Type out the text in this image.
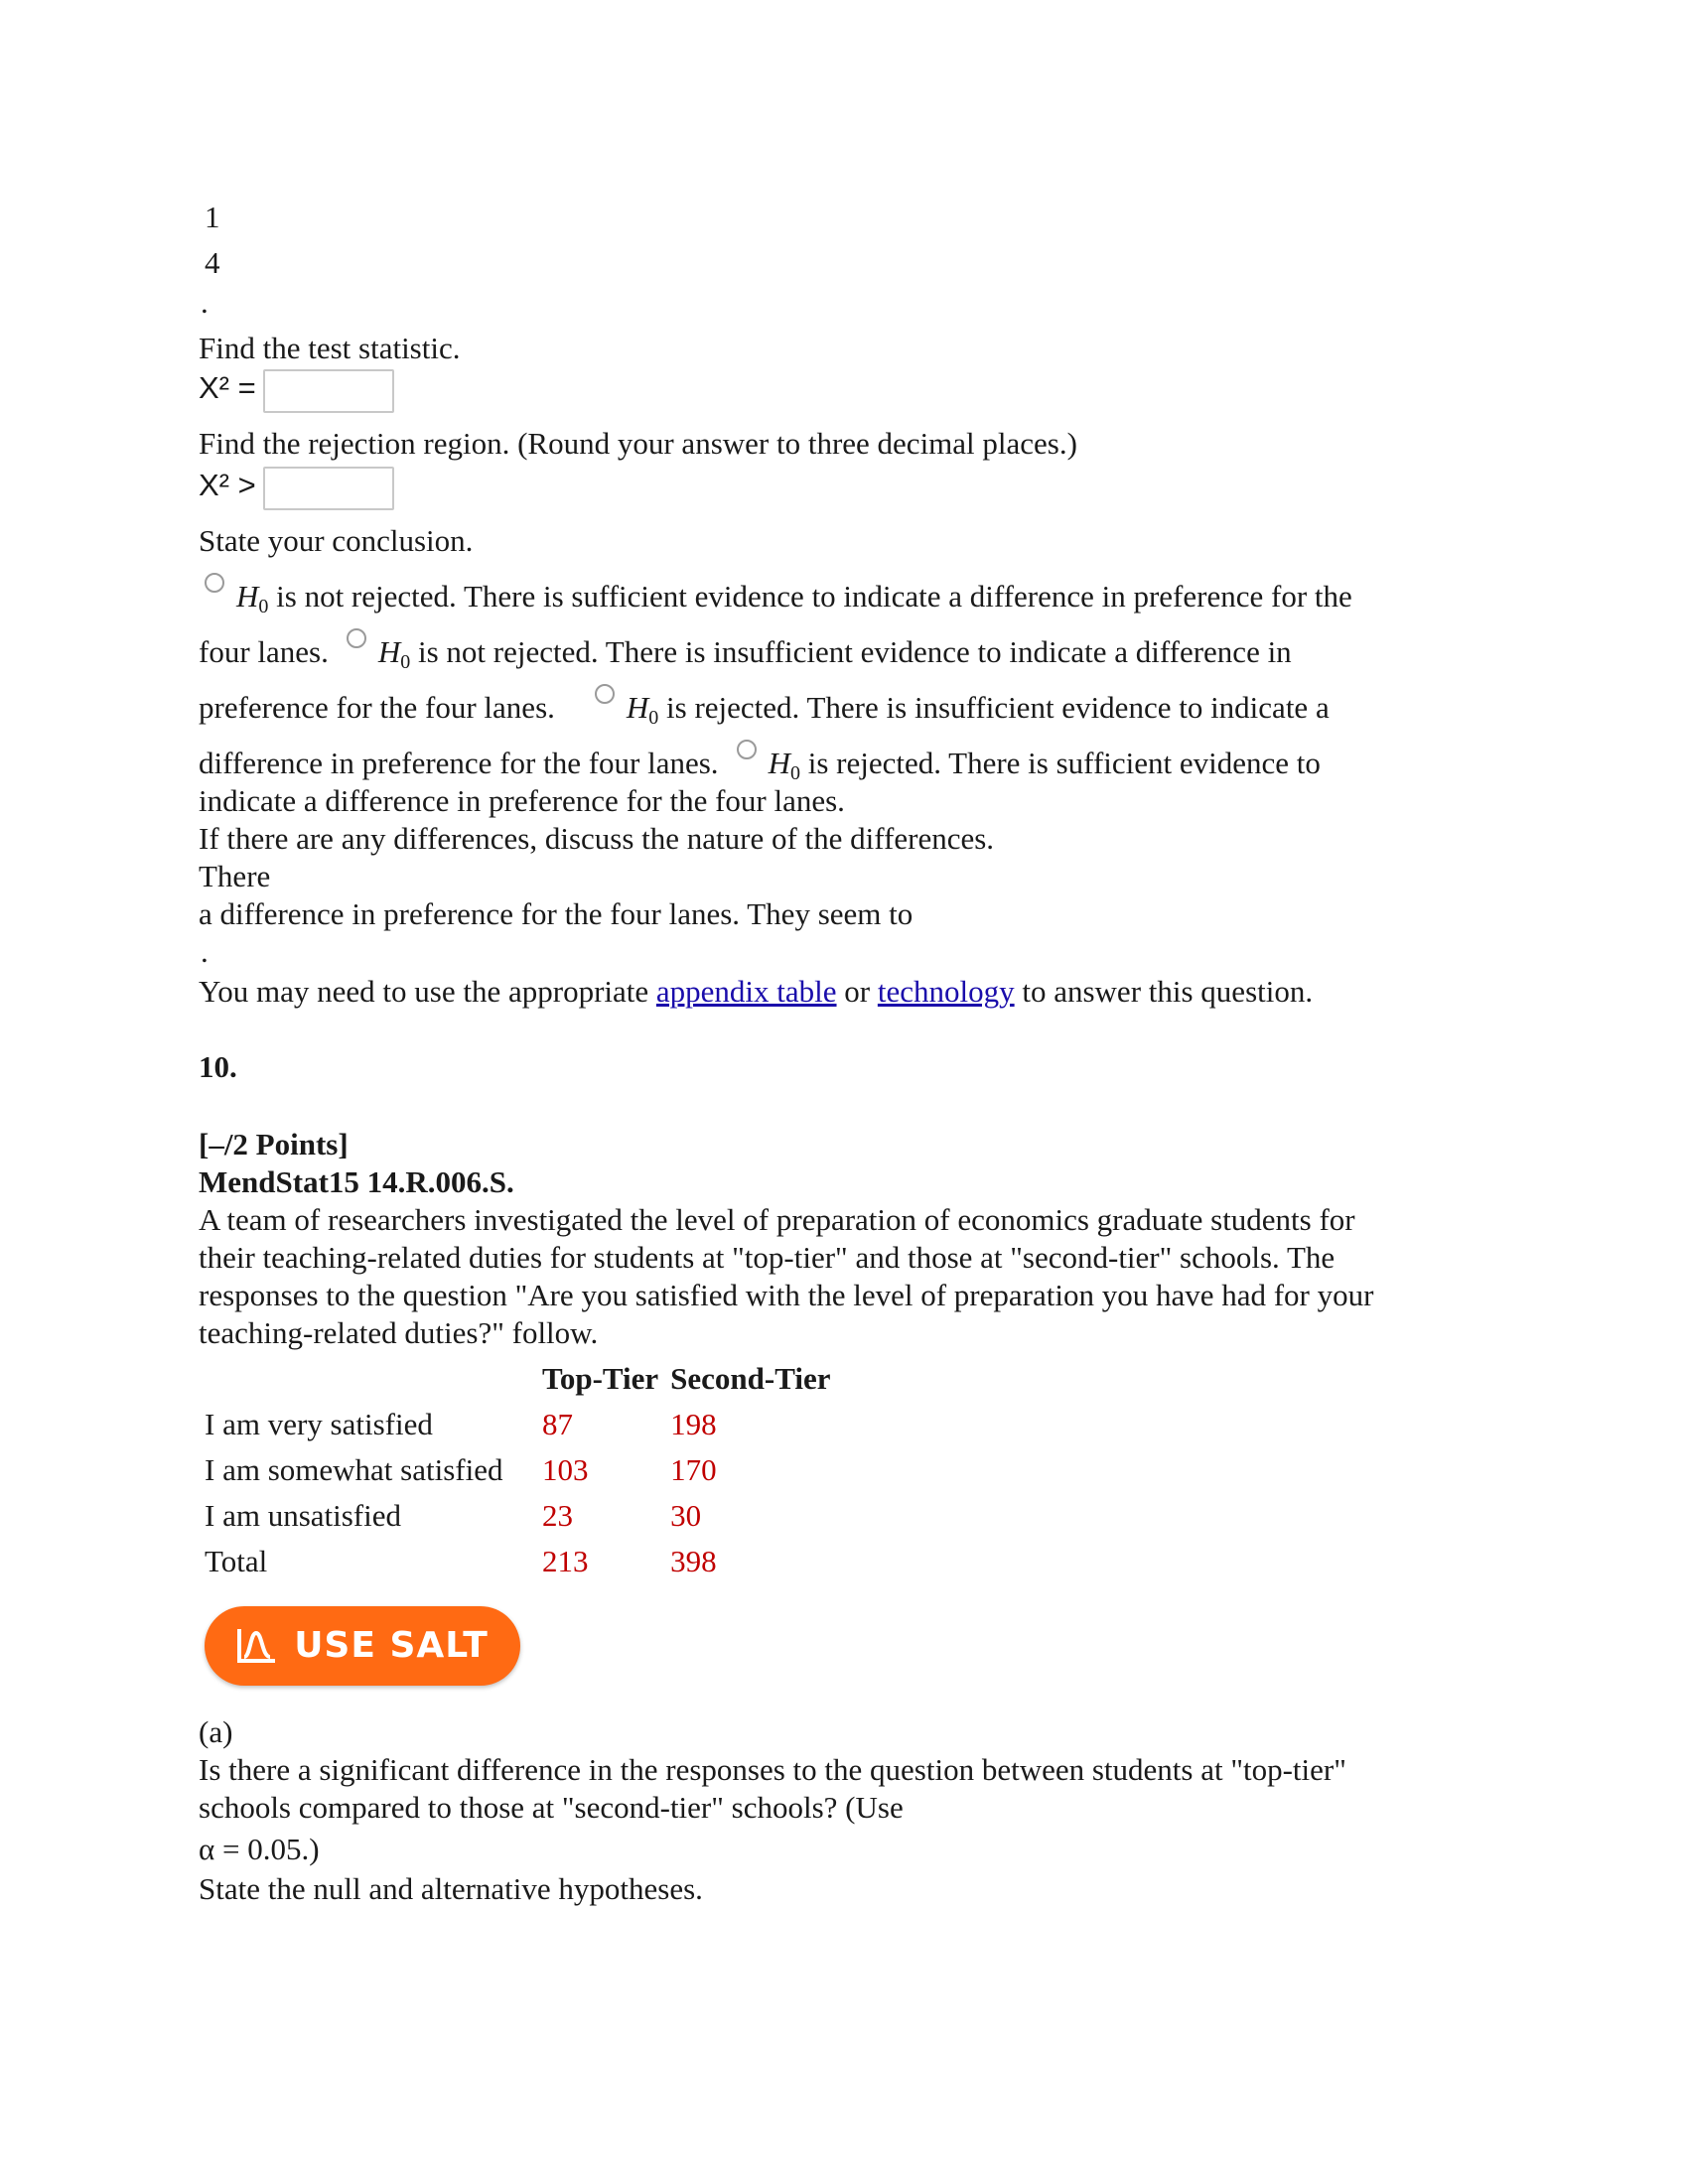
1
4
.
Find the test statistic.
X² =
Find the rejection region. (Round your answer to three decimal places.)
X² >
State your conclusion.
H0 is not rejected. There is sufficient evidence to indicate a difference in preference for the
four lanes. H0 is not rejected. There is insufficient evidence to indicate a difference in
preference for the four lanes. H0 is rejected. There is insufficient evidence to indicate a
difference in preference for the four lanes. H0 is rejected. There is sufficient evidence to
indicate a difference in preference for the four lanes.
If there are any differences, discuss the nature of the differences.
There
a difference in preference for the four lanes. They seem to
.
You may need to use the appropriate appendix table or technology to answer this question.
10.
[–/2 Points]
MendStat15 14.R.006.S.
A team of researchers investigated the level of preparation of economics graduate students for
their teaching-related duties for students at "top-tier" and those at "second-tier" schools. The
responses to the question "Are you satisfied with the level of preparation you have had for your
teaching-related duties?" follow.
	Top-Tier	Second-Tier
I am very satisfied	87	198
I am somewhat satisfied	103	170
I am unsatisfied	23	30
Total	213	398
USE SALT
(a)
Is there a significant difference in the responses to the question between students at "top-tier"
schools compared to those at "second-tier" schools? (Use
α = 0.05.)
State the null and alternative hypotheses.
